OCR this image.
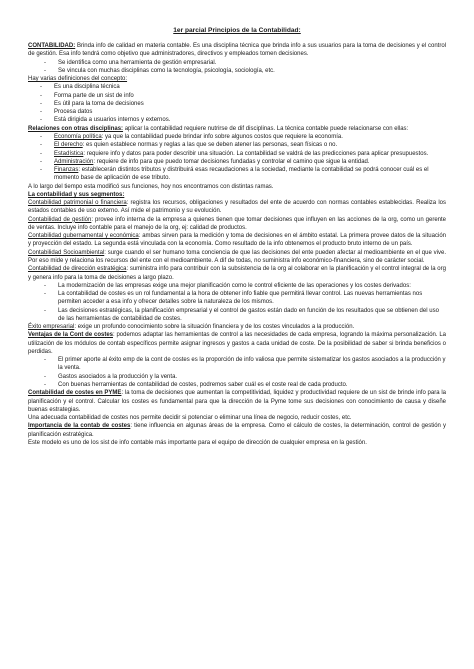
1er parcial Principios de la Contabilidad:

CONTABILIDAD: Brinda info de calidad en materia contable. Es una disciplina técnica que brinda info a sus usuarios para la toma de decisiones y el control de gestión. Esa info tendrá como objetivo que administradores, directivos y empleados tomen decisiones.

- Se identifica como una herramienta de gestión empresarial.
- Se vincula con muchas disciplinas como la tecnología, psicología, sociología, etc.

Hay varias definiciones del concepto:

- Es una disciplina técnica
- Forma parte de un sist de info
- Es útil para la toma de decisiones
- Procesa datos
- Está dirigida a usuarios internos y externos.

Relaciones con otras disciplinas: aplicar la contabilidad requiere nutrirse de dif disciplinas. La técnica contable puede relacionarse con ellas:

- Economía política: ya que la contabilidad puede brindar info sobre algunos costos que requiere la economía.
- El derecho: es quien establece normas y reglas a las que se deben atener las personas, sean físicas o no.
- Estadística: requiere info y datos para poder describir una situación. La contabilidad se valdrá de las predicciones para aplicar presupuestos.
- Administración: requiere de info para que puedo tomar decisiones fundadas y controlar el camino que sigue la entidad.
- Finanzas: establecerán distintos tributos y distribuirá esas recaudaciones a la sociedad, mediante la contabilidad se podrá conocer cuál es el momento base de aplicación de ese tributo.

A lo largo del tiempo esta modificó sus funciones, hoy nos encontramos con distintas ramas.

La contabilidad y sus segmentos:

Contabilidad patrimonial o financiera: registra los recursos, obligaciones y resultados del ente de acuerdo con normas contables establecidas. Realiza los estados contables de uso externo. Así mide el patrimonio y su evolución.

Contabilidad de gestión: provee info interna de la empresa a quienes tienen que tomar decisiones que influyen en las acciones de la org, como un gerente de ventas. Incluye info contable para el manejo de la org, ej: calidad de productos.

Contabilidad gubernamental y económica: ambas sirven para la medición y toma de decisiones en el ámbito estatal. La primera provee datos de la situación y proyección del estado. La segunda está vinculada con la economía. Como resultado de la info obtenemos el producto bruto interno de un país.

Contabilidad Socioambiental: surge cuando el ser humano toma conciencia de que las decisiones del ente pueden afectar al medioambiente en el que vive. Por eso mide y relaciona los recursos del ente con el medioambiente. A dif de todas, no suministra info económico-financiera, sino de carácter social.

Contabilidad de dirección estratégica: suministra info para contribuir con la subsistencia de la org al colaborar en la planificación y el control integral de la org y genera info para la toma de decisiones a largo plazo.

- La modernización de las empresas exige una mejor planificación como le control eficiente de las operaciones y los costes derivados:
- La contabilidad de costes es un rol fundamental a la hora de obtener info fiable que permitirá llevar control. Las nuevas herramientas nos permiten acceder a esa info y ofrecer detalles sobre la naturaleza de los mismos.
- Las decisiones estratégicas, la planificación empresarial y el control de gastos están dado en función de los resultados que se obtienen del uso de las herramientas de contabilidad de costes.

Éxito empresarial: exige un profundo conocimiento sobre la situación financiera y de los costes vinculados a la producción.

Ventajas de la Cont de costes: podemos adaptar las herramientas de control a las necesidades de cada empresa, logrando la máxima personalización. La utilización de los módulos de contab específicos permite asignar ingresos y gastos a cada unidad de coste. De la posibilidad de saber si brinda beneficios o perdidas.

- El primer aporte al éxito emp de la cont de costes es la proporción de info valiosa que permite sistematizar los gastos asociados a la producción y la venta.
- Gastos asociados a la producción y la venta.
- Con buenas herramientas de contabilidad de costes, podremos saber cuál es el coste real de cada producto.

Contabilidad de costes en PYME: la toma de decisiones que aumentan la competitividad, liquidez y productividad requiere de un sist de brinde info para la planificación y el control. Calcular los costes es fundamental para que la dirección de la Pyme tome sus decisiones con conocimiento de causa y diseñe buenas estrategias.

Una adecuada contabilidad de costes nos permite decidir si potenciar o eliminar una línea de negocio, reducir costes, etc.

Importancia de la contab de costes: tiene influencia en algunas áreas de la empresa. Como el cálculo de costes, la determinación, control de gestión y planificación estratégica.

Este modelo es uno de los sist de info contable más importante para el equipo de dirección de cualquier empresa en la gestión.
